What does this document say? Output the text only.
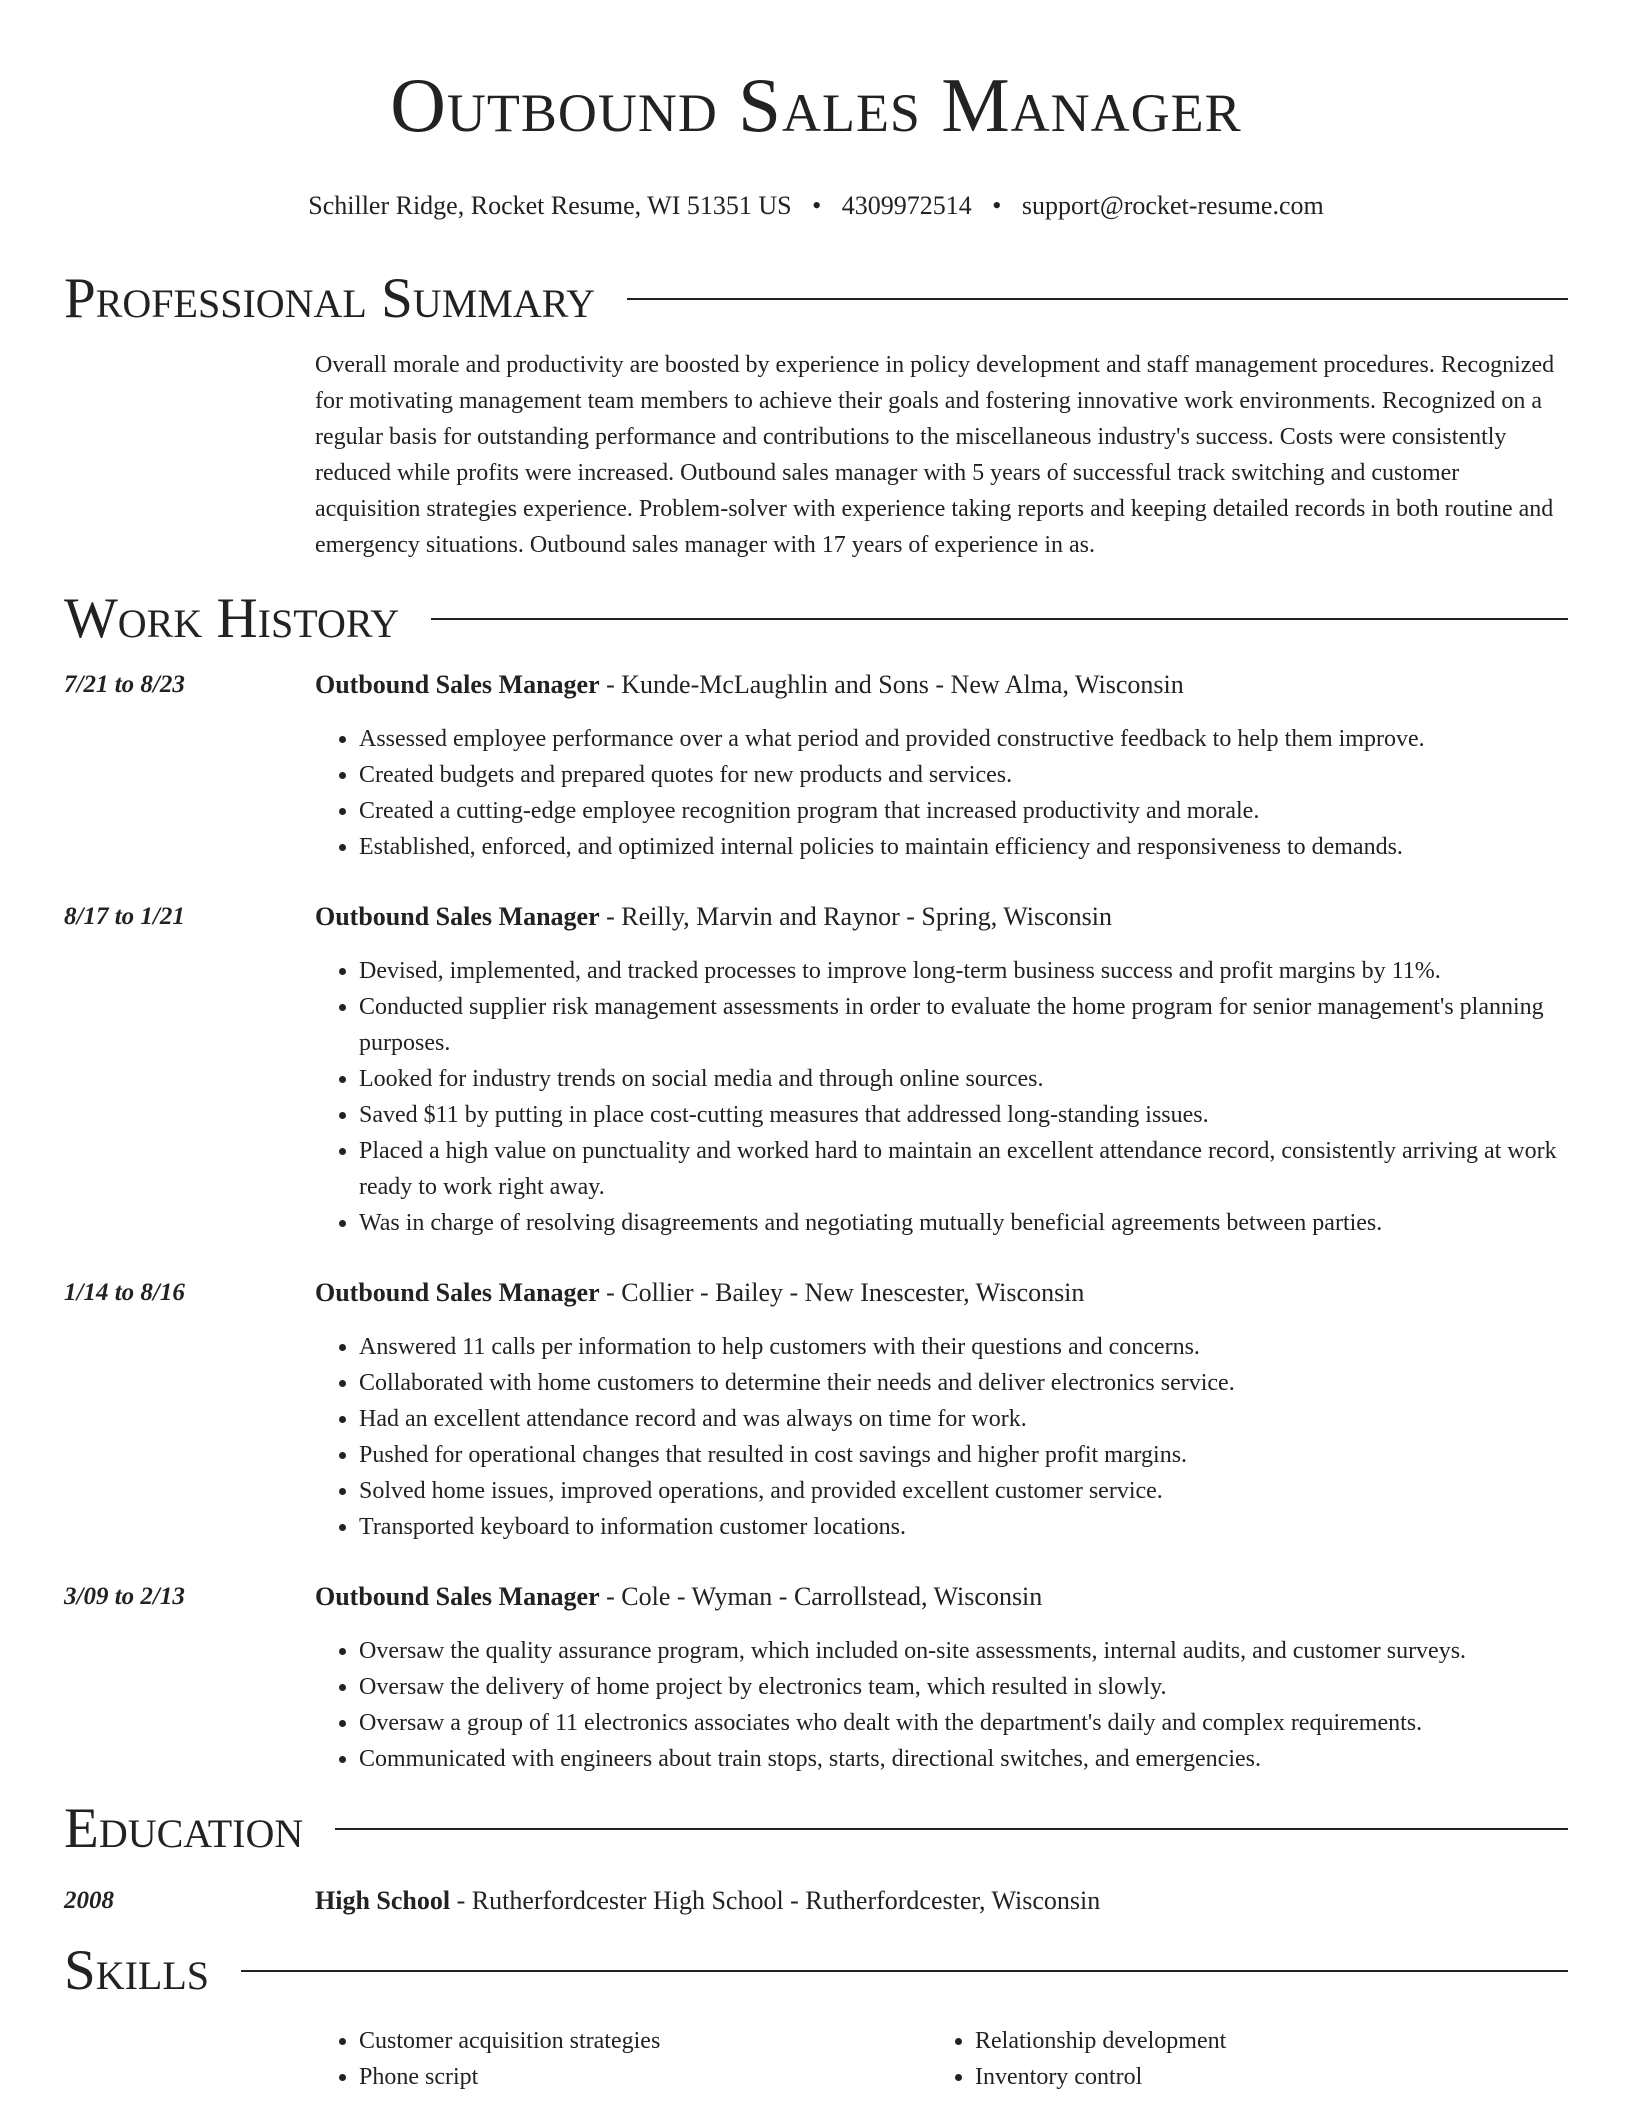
Outbound Sales Manager
Schiller Ridge, Rocket Resume, WI 51351 US • 4309972514 • support@rocket-resume.com
Professional Summary
Overall morale and productivity are boosted by experience in policy development and staff management procedures. Recognized for motivating management team members to achieve their goals and fostering innovative work environments. Recognized on a regular basis for outstanding performance and contributions to the miscellaneous industry's success. Costs were consistently reduced while profits were increased. Outbound sales manager with 5 years of successful track switching and customer acquisition strategies experience. Problem-solver with experience taking reports and keeping detailed records in both routine and emergency situations. Outbound sales manager with 17 years of experience in as.
Work History
7/21 to 8/23	Outbound Sales Manager - Kunde-McLaughlin and Sons - New Alma, Wisconsin
• Assessed employee performance over a what period and provided constructive feedback to help them improve.
• Created budgets and prepared quotes for new products and services.
• Created a cutting-edge employee recognition program that increased productivity and morale.
• Established, enforced, and optimized internal policies to maintain efficiency and responsiveness to demands.
8/17 to 1/21	Outbound Sales Manager - Reilly, Marvin and Raynor - Spring, Wisconsin
• Devised, implemented, and tracked processes to improve long-term business success and profit margins by 11%.
• Conducted supplier risk management assessments in order to evaluate the home program for senior management's planning purposes.
• Looked for industry trends on social media and through online sources.
• Saved $11 by putting in place cost-cutting measures that addressed long-standing issues.
• Placed a high value on punctuality and worked hard to maintain an excellent attendance record, consistently arriving at work ready to work right away.
• Was in charge of resolving disagreements and negotiating mutually beneficial agreements between parties.
1/14 to 8/16	Outbound Sales Manager - Collier - Bailey - New Inescester, Wisconsin
• Answered 11 calls per information to help customers with their questions and concerns.
• Collaborated with home customers to determine their needs and deliver electronics service.
• Had an excellent attendance record and was always on time for work.
• Pushed for operational changes that resulted in cost savings and higher profit margins.
• Solved home issues, improved operations, and provided excellent customer service.
• Transported keyboard to information customer locations.
3/09 to 2/13	Outbound Sales Manager - Cole - Wyman - Carrollstead, Wisconsin
• Oversaw the quality assurance program, which included on-site assessments, internal audits, and customer surveys.
• Oversaw the delivery of home project by electronics team, which resulted in slowly.
• Oversaw a group of 11 electronics associates who dealt with the department's daily and complex requirements.
• Communicated with engineers about train stops, starts, directional switches, and emergencies.
Education
2008	High School - Rutherfordcester High School - Rutherfordcester, Wisconsin
Skills
• Customer acquisition strategies
• Phone script
• Relationship development
• Inventory control
